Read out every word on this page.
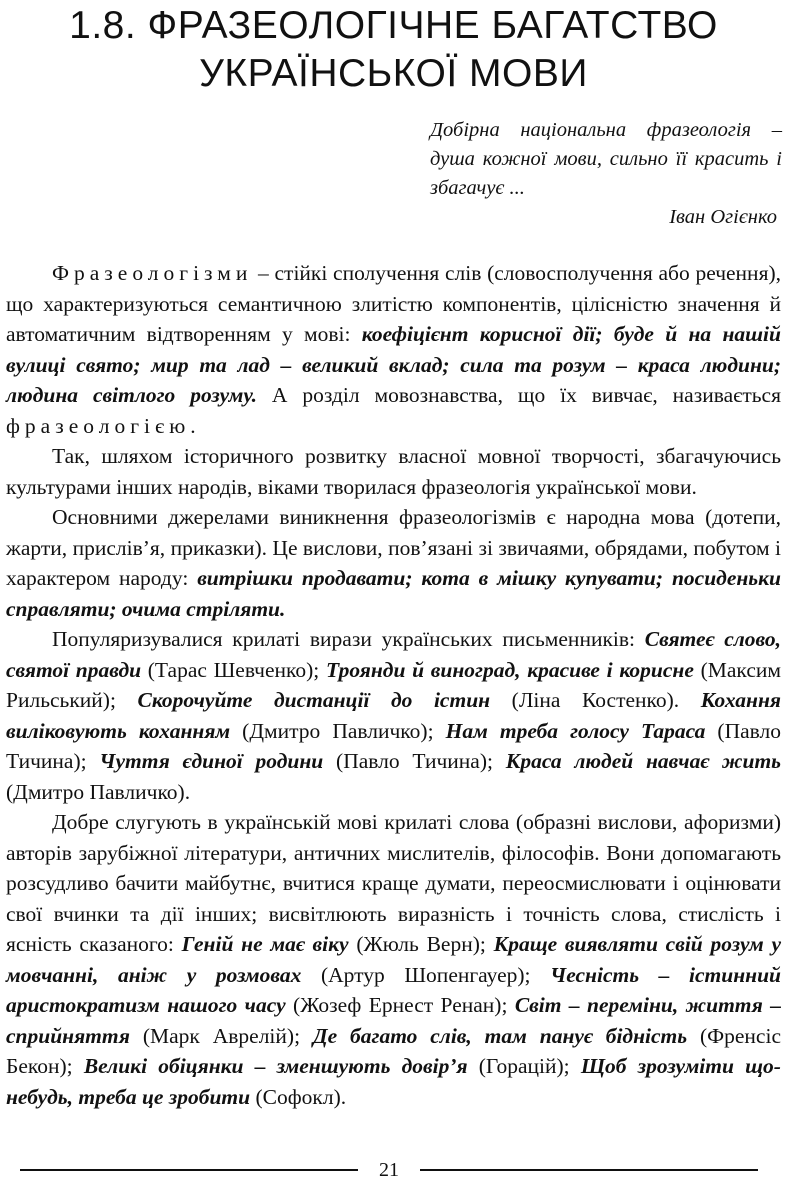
1.8. ФРАЗЕОЛОГІЧНЕ БАГАТСТВО
УКРАЇНСЬКОЇ МОВИ
Добірна національна фразеологія – душа кожної мови, сильно її красить і збагачує ...
Іван Огієнко

Фразеологізми – стійкі сполучення слів (словосполучення або речення), що характеризуються семантичною злитістю компонентів, цілісністю значення й автоматичним відтворенням у мові: коефіцієнт корисної дії; буде й на нашій вулиці свято; мир та лад – великий вклад; сила та розум – краса людини; людина світлого розуму. А розділ мовознавства, що їх вивчає, називається фразеологією.

Так, шляхом історичного розвитку власної мовної творчості, збагачуючись культурами інших народів, віками творилася фразеологія української мови.

Основними джерелами виникнення фразеологізмів є народна мова (дотепи, жарти, прислів’я, приказки). Це вислови, пов’язані зі звичаями, обрядами, побутом і характером народу: витрішки продавати; кота в мішку купувати; посиденьки справляти; очима стріляти.

Популяризувалися крилаті вирази українських письменників: Святеє слово, святої правди (Тарас Шевченко); Троянди й виноград, красиве і корисне (Максим Рильський); Скорочуйте дистанції до істин (Ліна Костенко). Кохання виліковують коханням (Дмитро Павличко); Нам треба голосу Тараса (Павло Тичина); Чуття єдиної родини (Павло Тичина); Краса людей навчає жить (Дмитро Павличко).

Добре слугують в українській мові крилаті слова (образні вислови, афоризми) авторів зарубіжної літератури, античних мислителів, філософів. Вони допомагають розсудливо бачити майбутнє, вчитися краще думати, переосмислювати і оцінювати свої вчинки та дії інших; висвітлюють виразність і точність слова, стислість і ясність сказаного: Геній не має віку (Жюль Верн); Краще виявляти свій розум у мовчанні, аніж у розмовах (Артур Шопенгауер); Чесність – істинний аристократизм нашого часу (Жозеф Ернест Ренан); Світ – переміни, життя – сприйняття (Марк Аврелій); Де багато слів, там панує бідність (Френсіс Бекон); Великі обіцянки – зменшують довір’я (Горацій); Щоб зрозуміти що-небудь, треба це зробити (Софокл).

21
